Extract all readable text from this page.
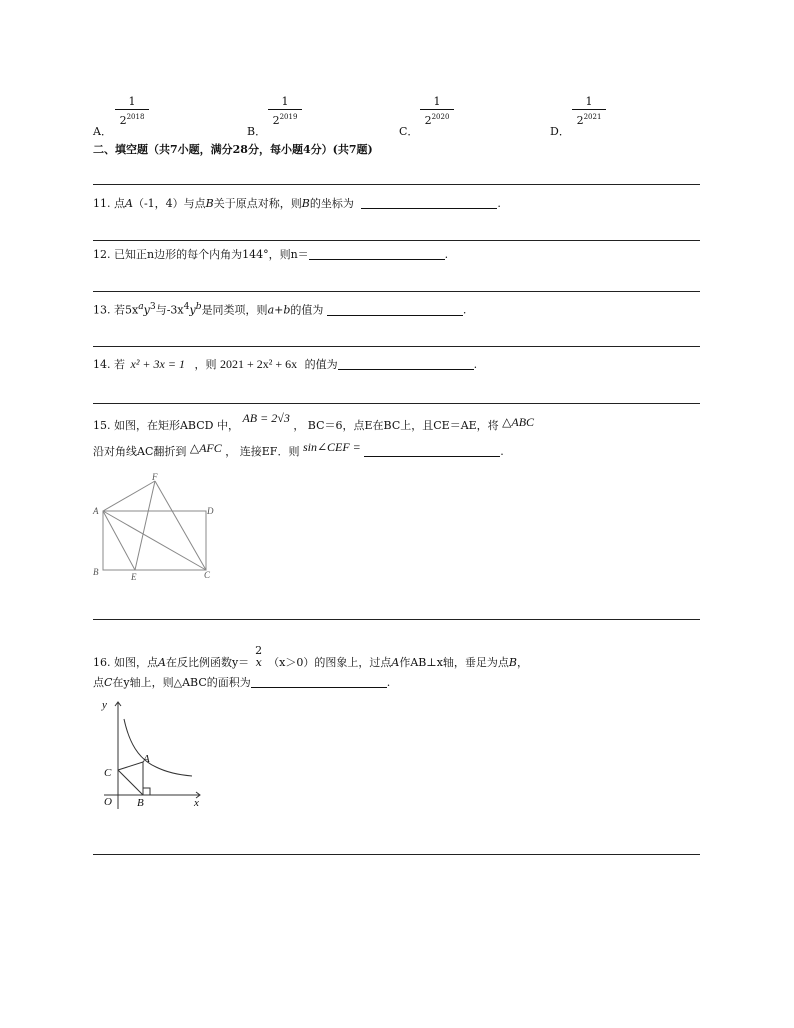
A．
1
$2^{2018}$
B．
1
$2^{2019}$
C．
1
$2^{2020}$
D．
1
$2^{2021}$
二、填空题（共7小题，满分28分，每小题4分）(共7题)
11. 点A（-1，4）与点B关于原点对称，则B的坐标为	.
12. 已知正n边形的每个内角为144°，则n＝	.
13. 若$5x^ay^3$与$-3x^4y^b$是同类项，则a+b的值为	.
14. 若 x² + 3x = 1 ，则 2021 + 2x² + 6x 的值为	.
15. 如图，在矩形ABCD 中， AB = 2√3 ， BC＝6，点E在BC上，且CE＝AE，将 △ABC
沿对角线AC翻折到 △AFC ， 连接EF．则 sin∠CEF =	.
A
B	C
D
E
F
16. 如图，点A在反比例函数y＝
2
x （x＞0）的图象上，过点A作AB⊥x轴，垂足为点B，
点C在y轴上，则△ABC的面积为	.
y
x
O
A
B
C
